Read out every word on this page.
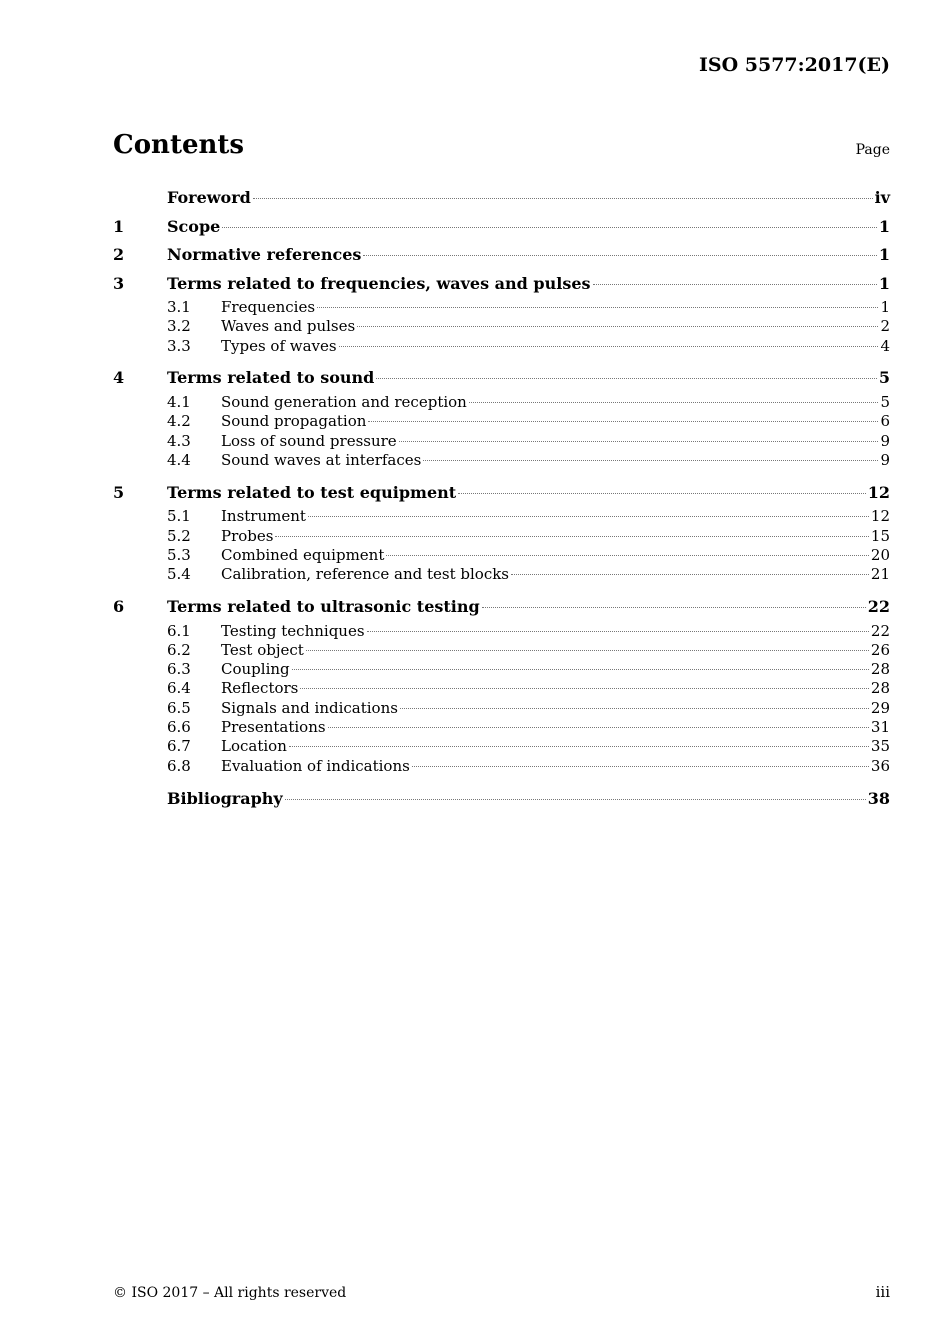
ISO 5577:2017(E)
Contents	Page
Foreword	iv
1	Scope	1
2	Normative references	1
3	Terms related to frequencies, waves and pulses	1
3.1	Frequencies	1
3.2	Waves and pulses	2
3.3	Types of waves	4
4	Terms related to sound	5
4.1	Sound generation and reception	5
4.2	Sound propagation	6
4.3	Loss of sound pressure	9
4.4	Sound waves at interfaces	9
5	Terms related to test equipment	12
5.1	Instrument	12
5.2	Probes	15
5.3	Combined equipment	20
5.4	Calibration, reference and test blocks	21
6	Terms related to ultrasonic testing	22
6.1	Testing techniques	22
6.2	Test object	26
6.3	Coupling	28
6.4	Reflectors	28
6.5	Signals and indications	29
6.6	Presentations	31
6.7	Location	35
6.8	Evaluation of indications	36
Bibliography	38
© ISO 2017 – All rights reserved	iii
